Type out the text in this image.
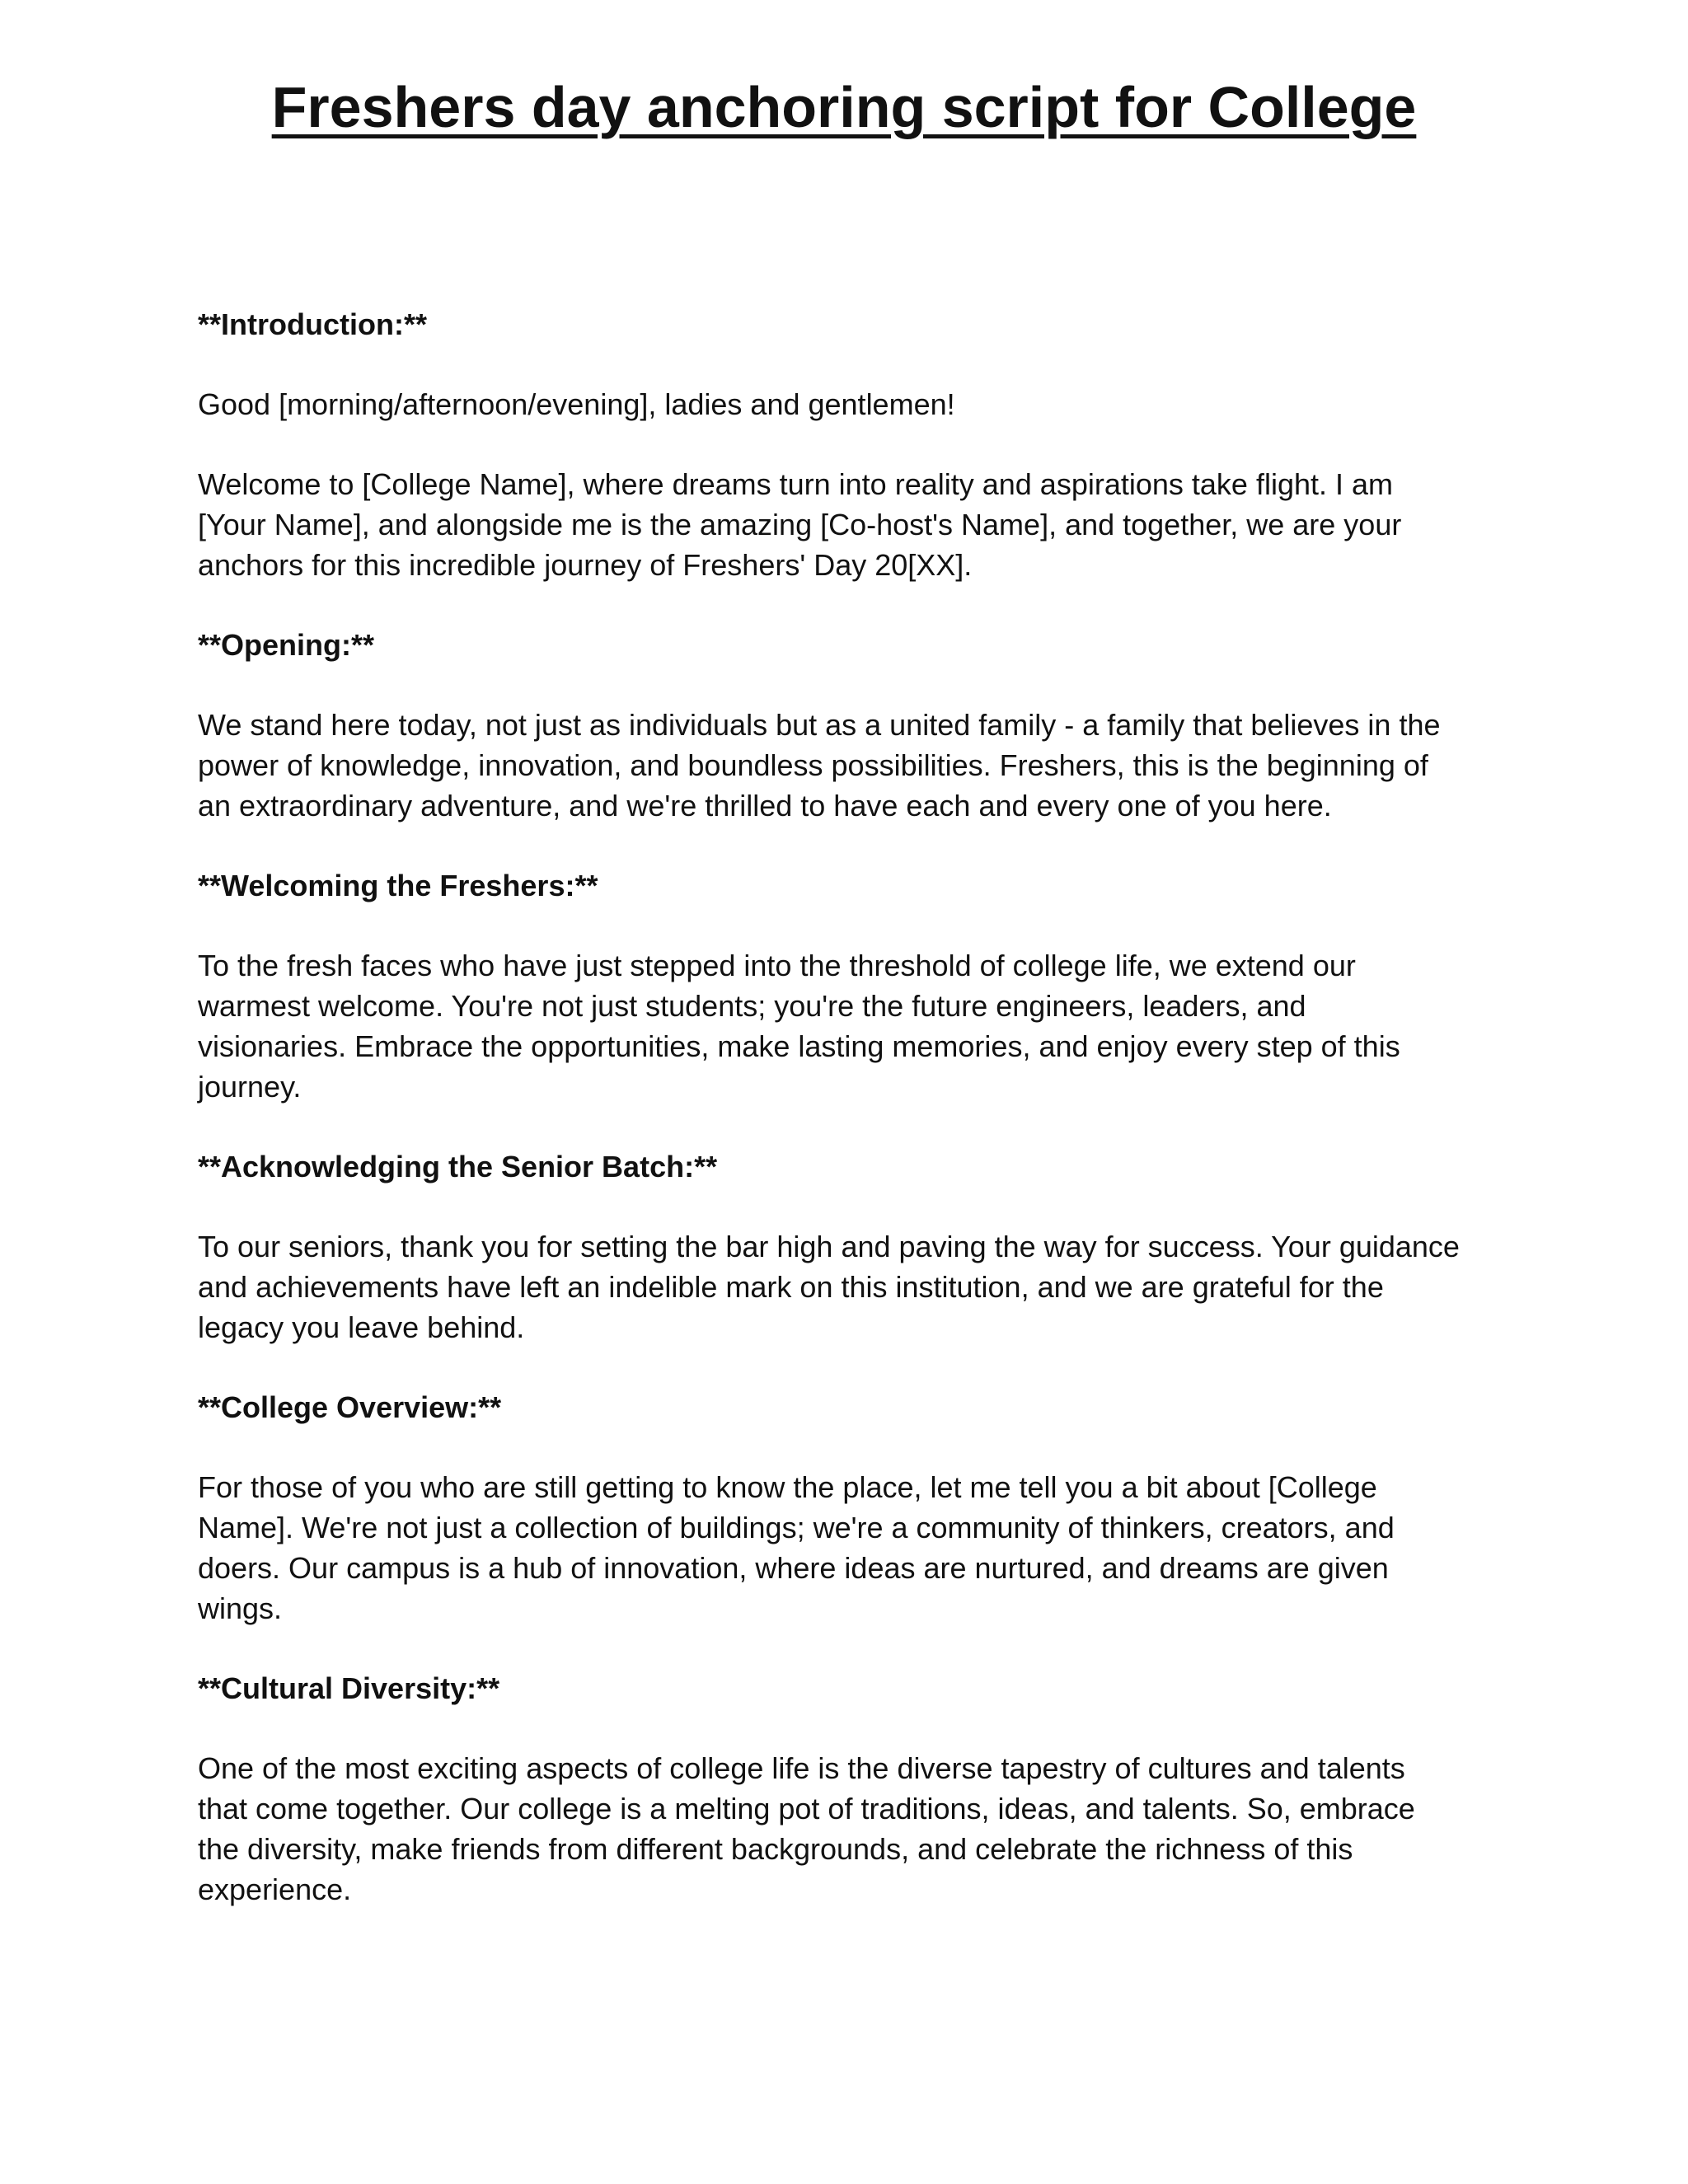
Freshers day anchoring script for College
**Introduction:**

Good [morning/afternoon/evening], ladies and gentlemen!

Welcome to [College Name], where dreams turn into reality and aspirations take flight. I am
[Your Name], and alongside me is the amazing [Co-host's Name], and together, we are your
anchors for this incredible journey of Freshers' Day 20[XX].

**Opening:**

We stand here today, not just as individuals but as a united family - a family that believes in the
power of knowledge, innovation, and boundless possibilities. Freshers, this is the beginning of
an extraordinary adventure, and we're thrilled to have each and every one of you here.

**Welcoming the Freshers:**

To the fresh faces who have just stepped into the threshold of college life, we extend our
warmest welcome. You're not just students; you're the future engineers, leaders, and
visionaries. Embrace the opportunities, make lasting memories, and enjoy every step of this
journey.

**Acknowledging the Senior Batch:**

To our seniors, thank you for setting the bar high and paving the way for success. Your guidance
and achievements have left an indelible mark on this institution, and we are grateful for the
legacy you leave behind.

**College Overview:**

For those of you who are still getting to know the place, let me tell you a bit about [College
Name]. We're not just a collection of buildings; we're a community of thinkers, creators, and
doers. Our campus is a hub of innovation, where ideas are nurtured, and dreams are given
wings.

**Cultural Diversity:**

One of the most exciting aspects of college life is the diverse tapestry of cultures and talents
that come together. Our college is a melting pot of traditions, ideas, and talents. So, embrace
the diversity, make friends from different backgrounds, and celebrate the richness of this
experience.
